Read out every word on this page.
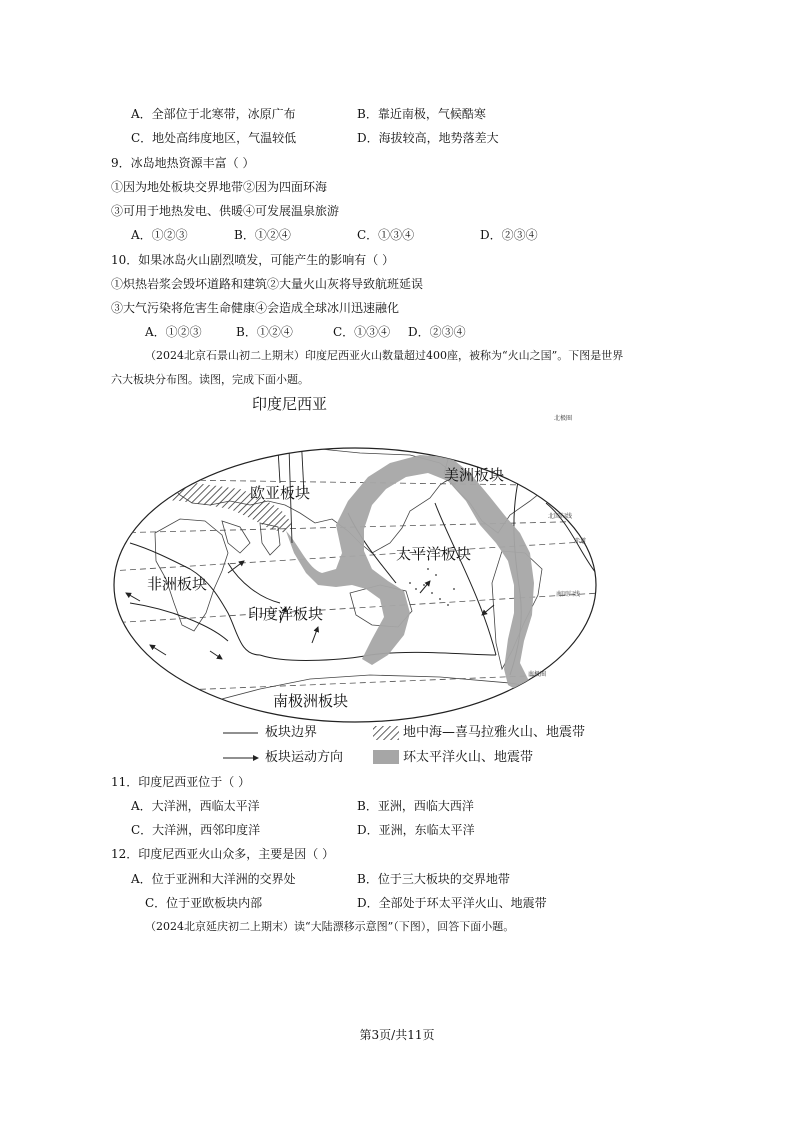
A．全部位于北寒带，冰原广布	B．靠近南极，气候酷寒
C．地处高纬度地区，气温较低	D．海拔较高，地势落差大
9．冰岛地热资源丰富（ ）
①因为地处板块交界地带②因为四面环海
③可用于地热发电、供暖④可发展温泉旅游
A．①②③	B．①②④	C．①③④	D．②③④
10．如果冰岛火山剧烈喷发，可能产生的影响有（ ）
①炽热岩浆会毁坏道路和建筑②大量火山灰将导致航班延误
③大气污染将危害生命健康④会造成全球冰川迅速融化
A．①②③	B．①②④	C．①③④ D．②③④
（2024北京石景山初二上期末）印度尼西亚火山数量超过400座，被称为“火山之国”。下图是世界
六大板块分布图。读图，完成下面小题。
印度尼西亚
欧亚板块
美洲板块
太平洋板块
非洲板块
印度洋板块
南极洲板块
北极圈
北回归线
赤道
南回归线
南极圈
板块边界	地中海—喜马拉雅火山、地震带
板块运动方向	环太平洋火山、地震带
11．印度尼西亚位于（ ）
A．大洋洲，西临太平洋	B．亚洲，西临大西洋
C．大洋洲，西邻印度洋	D．亚洲，东临太平洋
12．印度尼西亚火山众多，主要是因（ ）
A．位于亚洲和大洋洲的交界处	B．位于三大板块的交界地带
C．位于亚欧板块内部	D．全部处于环太平洋火山、地震带
（2024北京延庆初二上期末）读“大陆漂移示意图”（下图），回答下面小题。
第3页/共11页
